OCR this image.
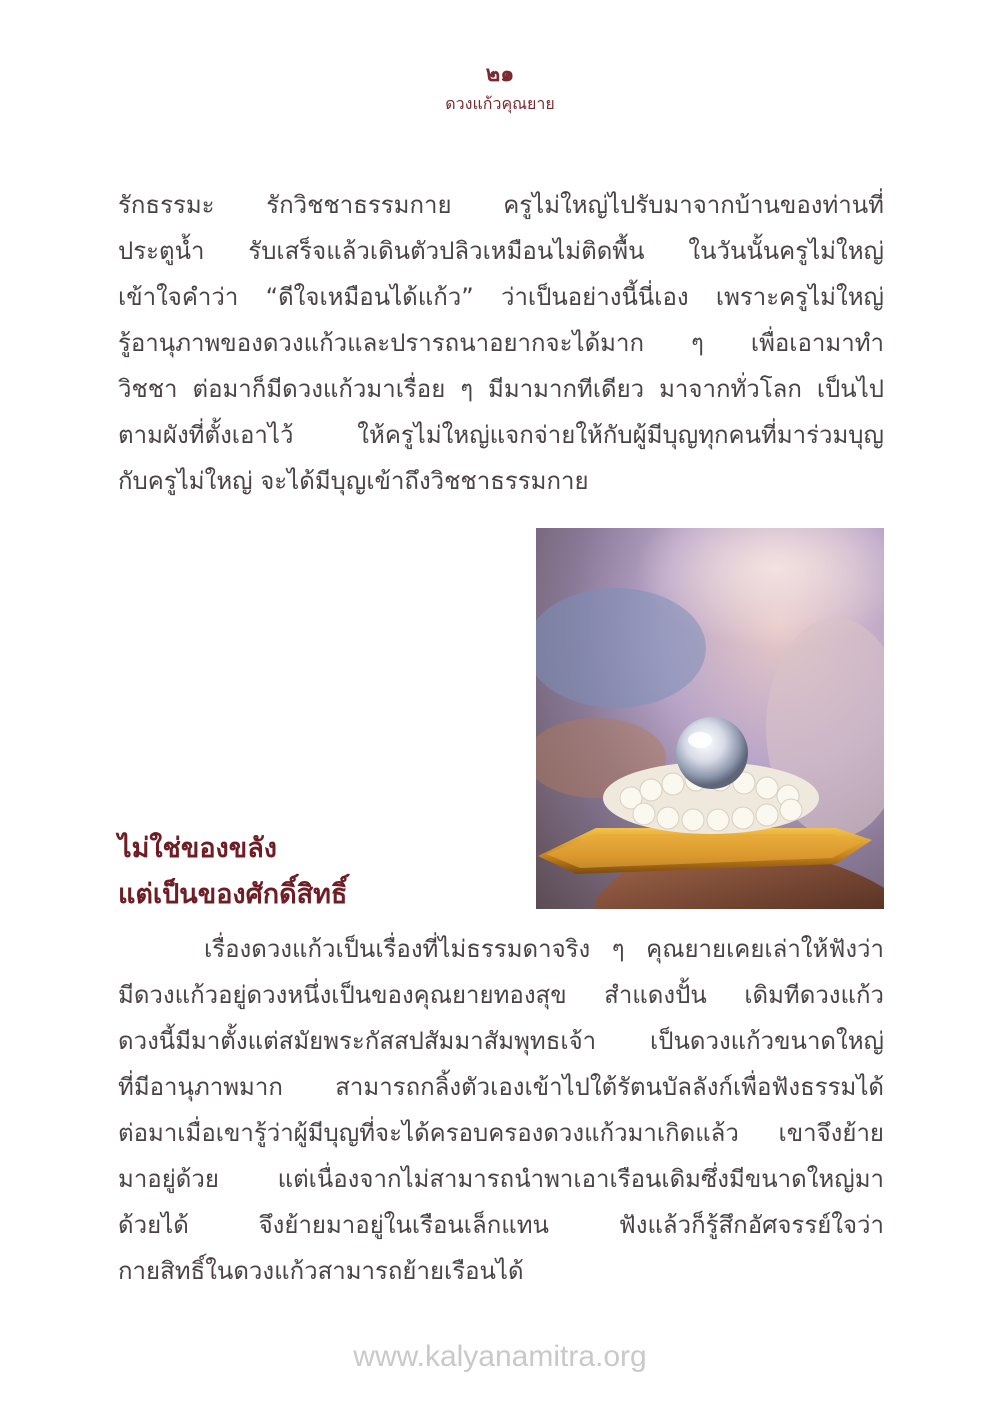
๒๑
ดวงแก้วคุณยาย
รักธรรมะ รักวิชชาธรรมกาย ครูไม่ใหญ่ไปรับมาจากบ้านของท่านที่
ประตูน้ำ รับเสร็จแล้วเดินตัวปลิวเหมือนไม่ติดพื้น ในวันนั้นครูไม่ใหญ่
เข้าใจคำว่า “ดีใจเหมือนได้แก้ว” ว่าเป็นอย่างนี้นี่เอง เพราะครูไม่ใหญ่
รู้อานุภาพของดวงแก้วและปรารถนาอยากจะได้มาก ๆ เพื่อเอามาทำ
วิชชา ต่อมาก็มีดวงแก้วมาเรื่อย ๆ มีมามากทีเดียว มาจากทั่วโลก เป็นไป
ตามผังที่ตั้งเอาไว้ ให้ครูไม่ใหญ่แจกจ่ายให้กับผู้มีบุญทุกคนที่มาร่วมบุญ
กับครูไม่ใหญ่ จะได้มีบุญเข้าถึงวิชชาธรรมกาย
ไม่ใช่ของขลัง
แต่เป็นของศักดิ์สิทธิ์
เรื่องดวงแก้วเป็นเรื่องที่ไม่ธรรมดาจริง ๆ คุณยายเคยเล่าให้ฟังว่า
มีดวงแก้วอยู่ดวงหนึ่งเป็นของคุณยายทองสุข สำแดงปั้น เดิมทีดวงแก้ว
ดวงนี้มีมาตั้งแต่สมัยพระกัสสปสัมมาสัมพุทธเจ้า เป็นดวงแก้วขนาดใหญ่
ที่มีอานุภาพมาก สามารถกลิ้งตัวเองเข้าไปใต้รัตนบัลลังก์เพื่อฟังธรรมได้
ต่อมาเมื่อเขารู้ว่าผู้มีบุญที่จะได้ครอบครองดวงแก้วมาเกิดแล้ว เขาจึงย้าย
มาอยู่ด้วย แต่เนื่องจากไม่สามารถนำพาเอาเรือนเดิมซึ่งมีขนาดใหญ่มา
ด้วยได้ จึงย้ายมาอยู่ในเรือนเล็กแทน ฟังแล้วก็รู้สึกอัศจรรย์ใจว่า
กายสิทธิ์ในดวงแก้วสามารถย้ายเรือนได้
www.kalyanamitra.org
